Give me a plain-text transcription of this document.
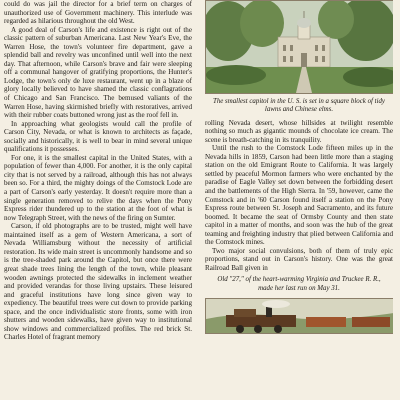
could do was jail the director for a brief term on charges of unauthorized use of Government machinery. This interlude was regarded as hilarious throughout the old West.

A good deal of Carson's life and existence is right out of the classic pattern of suburban Americana. Last New Year's Eve, the Warren Hose, the town's volunteer fire department, gave a splendid ball and revelry was unconfined until well into the next day. That afternoon, while Carson's brave and fair were sleeping off a communal hangover of gratifying proportions, the Hunter's Lodge, the town's only de luxe restaurant, went up in a blaze of glory locally believed to have shamed the classic conflagrations of Chicago and San Francisco. The bemused valiants of the Warren Hose, having skirmished briefly with restoratives, arrived with their rubber coats buttoned wrong just as the roof fell in.

In approaching what geologists would call the profile of Carson City, Nevada, or what is known to architects as façade, socially and historically, it is well to bear in mind several unique qualifications it possesses.

For one, it is the smallest capital in the United States, with a population of fewer than 4,000. For another, it is the only capital city that is not served by a railroad, although this has not always been so. For a third, the mighty doings of the Comstock Lode are a part of Carson's early yesterday. It doesn't require more than a single generation removed to relive the days when the Pony Express rider thundered up to the station at the foot of what is now Telegraph Street, with the news of the firing on Sumter.

Carson, if old photographs are to be trusted, might well have maintained itself as a gem of Western Americana, a sort of Nevada Williamsburg without the necessity of artificial restoration. Its wide main street is uncommonly handsome and so is the tree-shaded park around the Capitol, but once there were great shade trees lining the length of the town, while pleasant wooden awnings protected the sidewalks in inclement weather and provided verandas for those living upstairs. These leisured and graceful institutions have long since given way to expediency. The beautiful trees were cut down to provide parking space, and the once individualistic store fronts, some with iron shutters and wooden sidewalks, have given way to institutional show windows and commercialized profiles. The red brick St. Charles Hotel of fragrant memory

The smallest capitol in the U. S. is set in a square block of tidy lawns and Chinese elms.

rolling Nevada desert, whose hillsides at twilight resemble nothing so much as gigantic mounds of chocolate ice cream. The scene is breath-catching in its tranquility.

Until the rush to the Comstock Lode fifteen miles up in the Nevada hills in 1859, Carson had been little more than a staging station on the old Emigrant Route to California. It was largely settled by peaceful Mormon farmers who were enchanted by the paradise of Eagle Valley set down between the forbidding desert and the battlements of the High Sierra. In '59, however, came the Comstock and in '60 Carson found itself a station on the Pony Express route between St. Joseph and Sacramento, and its future boomed. It became the seat of Ormsby County and then state capitol in a matter of months, and soon was the hub of the great teaming and freighting industry that plied between California and the Comstock mines.

Two major social convulsions, both of them of truly epic proportions, stand out in Carson's history. One was the great Railroad Ball given in

Old "27," of the heart-warming Virginia and Truckee R. R., made her last run on May 31.
